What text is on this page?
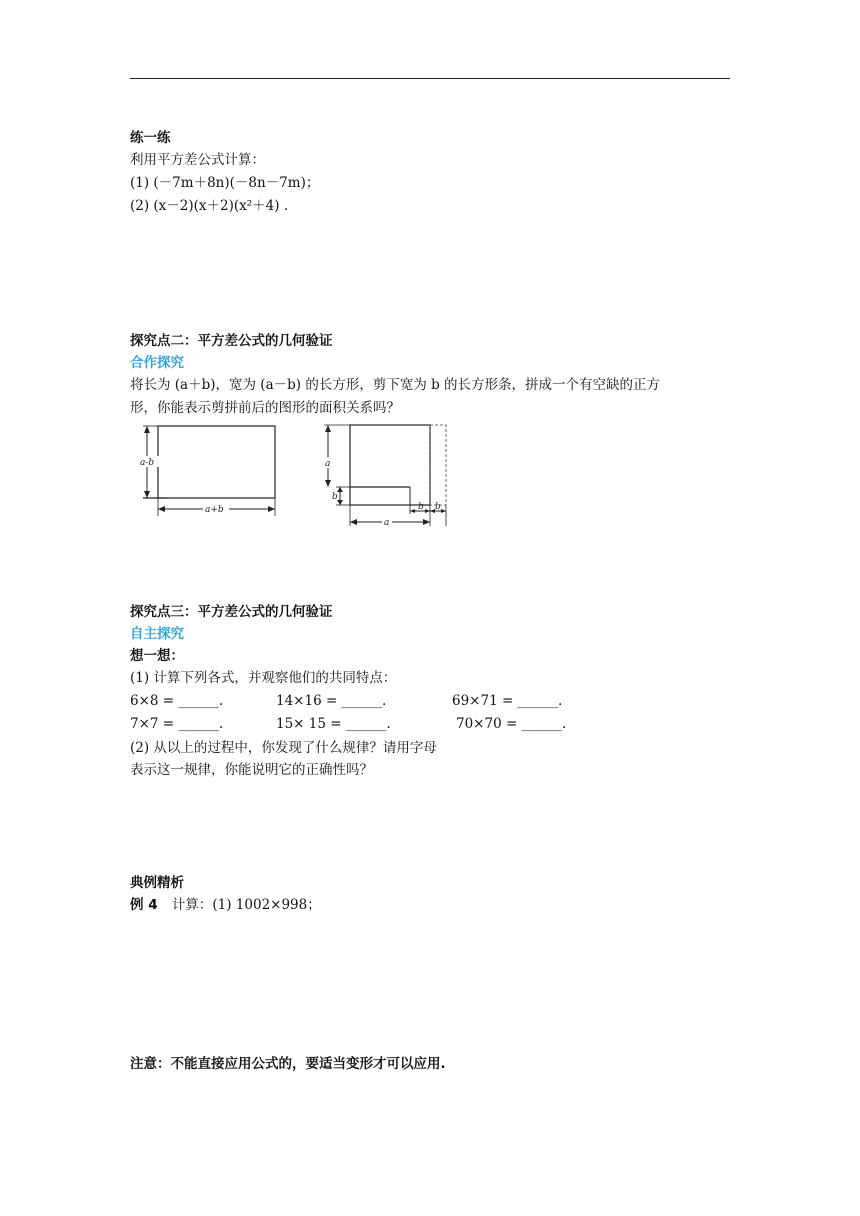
练一练
利用平方差公式计算：
(1) (－7m＋8n)(－8n－7m)；
(2) (x－2)(x＋2)(x²＋4) .
探究点二：平方差公式的几何验证
合作探究
将长为 (a＋b)，宽为 (a－b) 的长方形，剪下宽为 b 的长方形条，拼成一个有空缺的正方
形，你能表示剪拼前后的图形的面积关系吗？
a-b
a+b
a
b
b b
a
探究点三：平方差公式的几何验证
自主探究
想一想：
(1) 计算下列各式，并观察他们的共同特点：
6×8 = ______.	14×16 = ______.	69×71 = ______.
7×7 = ______.	15× 15 = ______.	70×70 = ______.
(2) 从以上的过程中，你发现了什么规律？请用字母
表示这一规律，你能说明它的正确性吗？
典例精析
例 4 计算：(1) 1002×998；
注意：不能直接应用公式的，要适当变形才可以应用.
